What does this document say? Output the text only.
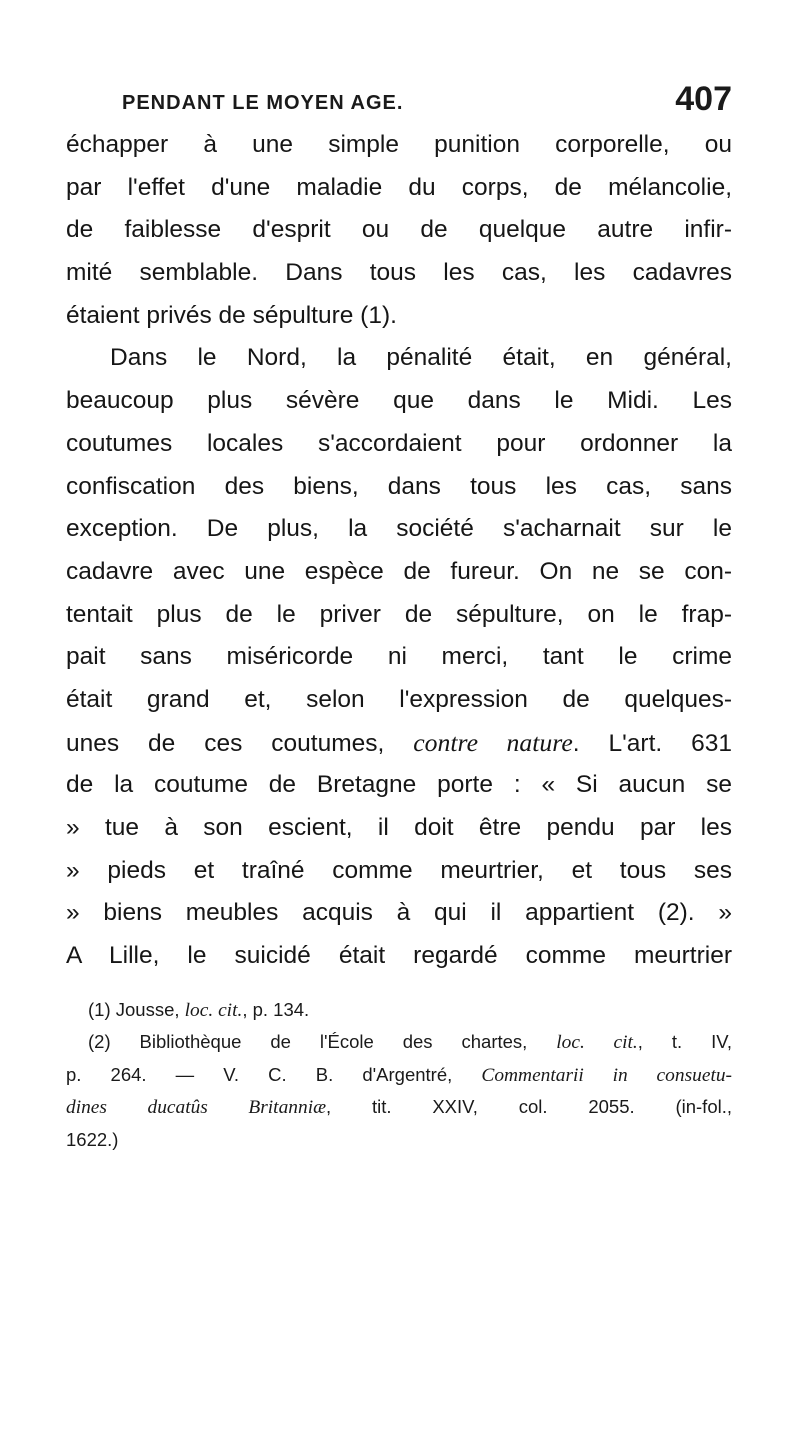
PENDANT LE MOYEN AGE.	407
échapper à une simple punition corporelle, ou
par l'effet d'une maladie du corps, de mélancolie,
de faiblesse d'esprit ou de quelque autre infir-
mité semblable. Dans tous les cas, les cadavres
étaient privés de sépulture (1).
Dans le Nord, la pénalité était, en général,
beaucoup plus sévère que dans le Midi. Les
coutumes locales s'accordaient pour ordonner la
confiscation des biens, dans tous les cas, sans
exception. De plus, la société s'acharnait sur le
cadavre avec une espèce de fureur. On ne se con-
tentait plus de le priver de sépulture, on le frap-
pait sans miséricorde ni merci, tant le crime
était grand et, selon l'expression de quelques-
unes de ces coutumes, contre nature. L'art. 631
de la coutume de Bretagne porte : « Si aucun se
» tue à son escient, il doit être pendu par les
» pieds et traîné comme meurtrier, et tous ses
» biens meubles acquis à qui il appartient (2). »
A Lille, le suicidé était regardé comme meurtrier
(1) Jousse, loc. cit., p. 134.
(2) Bibliothèque de l'École des chartes, loc. cit., t. IV,
p. 264. — V. C. B. d'Argentré, Commentarii in consuetu-
dines ducatûs Britanniæ, tit. XXIV, col. 2055. (in-fol.,
1622.)
